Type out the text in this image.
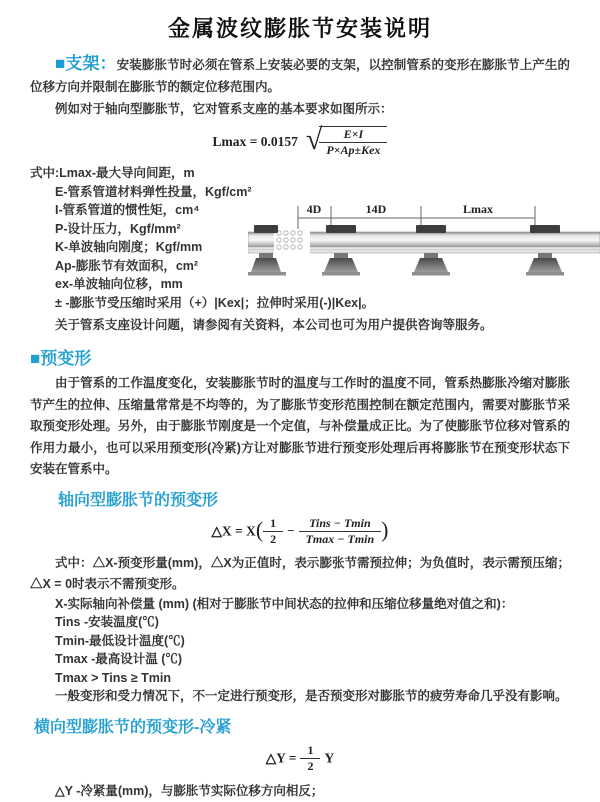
金属波纹膨胀节安装说明

■支架：安装膨胀节时必须在管系上安装必要的支架，以控制管系的变形在膨胀节上产生的位移方向并限制在膨胀节的额定位移范围内。

例如对于轴向型膨胀节，它对管系支座的基本要求如图所示：

Lmax = 0.0157 √
$\frac{E\times I}{\text{P×Ap±Kex}}$
式中:Lmax-最大导向间距，m
E-管系管道材料弹性投量，Kgf/cm²
I-管系管道的惯性矩，cm⁴
P-设计压力，Kgf/mm²
K-单波轴向刚度；Kgf/mm
Ap-膨胀节有效面积，cm²
ex-单波轴向位移，mm
± -膨胀节受压缩时采用（+）|Kex|；拉伸时采用(-)|Kex|。
4D	14D	Lmax

关于管系支座设计问题，请参阅有关资料，本公司也可为用户提供咨询等服务。

■预变形

由于管系的工作温度变化，安装膨胀节时的温度与工作时的温度不同，管系热膨胀冷缩对膨胀节产生的拉伸、压缩量常常是不均等的，为了膨胀节变形范围控制在额定范围内，需要对膨胀节采取预变形处理。另外，由于膨胀节刚度是一个定值，与补偿量成正比。为了使膨胀节位移对管系的作用力最小，也可以采用预变形(冷紧)方让对膨胀节进行预变形处理后再将膨胀节在预变形状态下安装在管系中。

轴向型膨胀节的预变形
△X = $X( \frac{1}{2} - \frac{\text{Tins − Tmin}}{Tmax - Tmin}$ )

式中：△X-预变形量(mm)，△X为正值时，表示膨张节需预拉伸；为负值时，表示需预压缩；△X = 0时表示不需预变形。

X-实际轴向补偿量 (mm) (相对于膨胀节中间状态的拉伸和压缩位移量绝对值之和)：
Tins -安装温度(℃)
Tmin-最低设计温度(℃)
Tmax -最高设计温 (℃)
Tmax > Tins ≥ Tmin
一般变形和受力情况下，不一定进行预变形，是否预变形对膨胀节的疲劳寿命几乎没有影响。
横向型膨胀节的预变形-冷紧
△Y = $\frac{1}{2}$ Y

△Y -冷紧量(mm)，与膨胀节实际位移方向相反；
